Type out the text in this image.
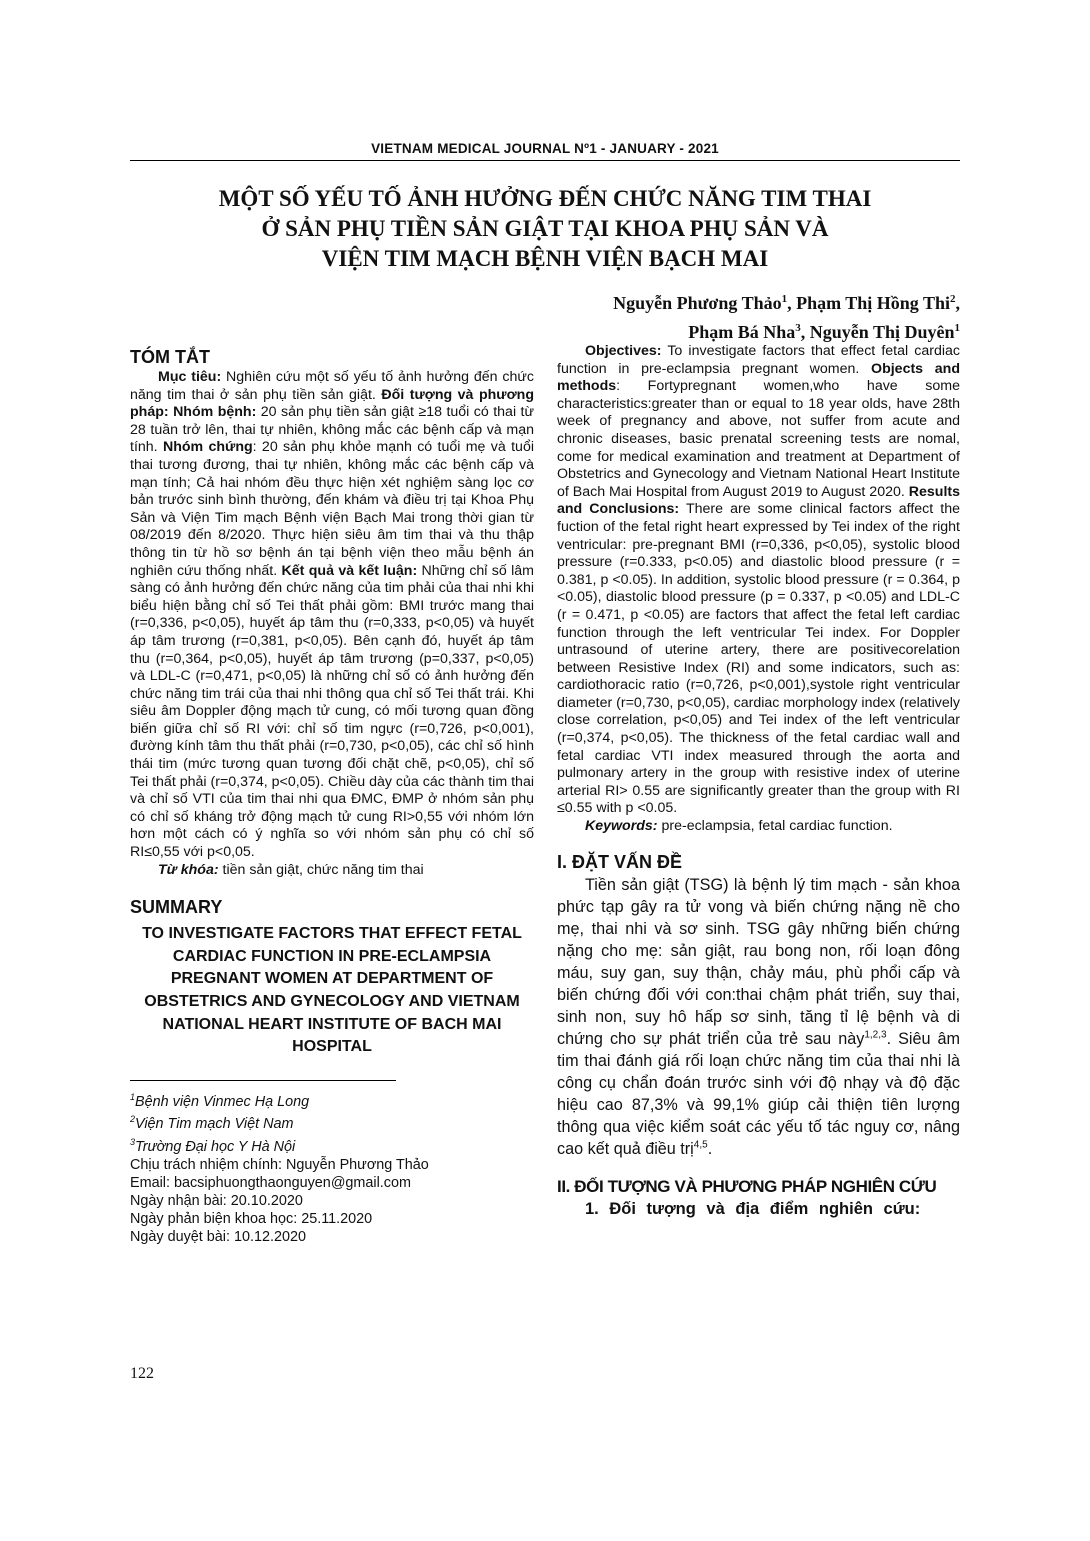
VIETNAM MEDICAL JOURNAL Nº1 - JANUARY - 2021
MỘT SỐ YẾU TỐ ẢNH HƯỞNG ĐẾN CHỨC NĂNG TIM THAI
Ở SẢN PHỤ TIỀN SẢN GIẬT TẠI KHOA PHỤ SẢN VÀ
VIỆN TIM MẠCH BỆNH VIỆN BẠCH MAI
Nguyễn Phương Thảo$^1$, Phạm Thị Hồng Thi$^2$,
Phạm Bá Nha$^3$, Nguyễn Thị Duyên$^1$
TÓM TẮT
Mục tiêu: Nghiên cứu một số yếu tố ảnh hưởng đến chức năng tim thai ở sản phụ tiền sản giật. Đối tượng và phương pháp: Nhóm bệnh: 20 sản phụ tiền sản giật ≥18 tuổi có thai từ 28 tuần trở lên, thai tự nhiên, không mắc các bệnh cấp và mạn tính. Nhóm chứng: 20 sản phụ khỏe mạnh có tuổi mẹ và tuổi thai tương đương, thai tự nhiên, không mắc các bệnh cấp và mạn tính; Cả hai nhóm đều thực hiện xét nghiệm sàng lọc cơ bản trước sinh bình thường, đến khám và điều trị tại Khoa Phụ Sản và Viện Tim mạch Bệnh viện Bạch Mai trong thời gian từ 08/2019 đến 8/2020. Thực hiện siêu âm tim thai và thu thập thông tin từ hồ sơ bệnh án tại bệnh viện theo mẫu bệnh án nghiên cứu thống nhất. Kết quả và kết luận: Những chỉ số lâm sàng có ảnh hưởng đến chức năng của tim phải của thai nhi khi biểu hiện bằng chỉ số Tei thất phải gồm: BMI trước mang thai (r=0,336, p<0,05), huyết áp tâm thu (r=0,333, p<0,05) và huyết áp tâm trương (r=0,381, p<0,05). Bên cạnh đó, huyết áp tâm thu (r=0,364, p<0,05), huyết áp tâm trương (p=0,337, p<0,05) và LDL-C (r=0,471, p<0,05) là những chỉ số có ảnh hưởng đến chức năng tim trái của thai nhi thông qua chỉ số Tei thất trái. Khi siêu âm Doppler động mạch tử cung, có mối tương quan đồng biến giữa chỉ số RI với: chỉ số tim ngực (r=0,726, p<0,001), đường kính tâm thu thất phải (r=0,730, p<0,05), các chỉ số hình thái tim (mức tương quan tương đối chặt chẽ, p<0,05), chỉ số Tei thất phải (r=0,374, p<0,05). Chiều dày của các thành tim thai và chỉ số VTI của tim thai nhi qua ĐMC, ĐMP ở nhóm sản phụ có chỉ số kháng trở động mạch tử cung RI>0,55 với nhóm lớn hơn một cách có ý nghĩa so với nhóm sản phụ có chỉ số RI≤0,55 với p<0,05.
Từ khóa: tiền sản giật, chức năng tim thai
SUMMARY
TO INVESTIGATE FACTORS THAT EFFECT FETAL CARDIAC FUNCTION IN PRE-ECLAMPSIA PREGNANT WOMEN AT DEPARTMENT OF OBSTETRICS AND GYNECOLOGY AND VIETNAM NATIONAL HEART INSTITUTE OF BACH MAI HOSPITAL
$^1$Bệnh viện Vinmec Hạ Long
$^2$Viện Tim mạch Việt Nam
$^3$Trường Đại học Y Hà Nội
Chịu trách nhiệm chính: Nguyễn Phương Thảo
Email: bacsiphuongthaonguyen@gmail.com
Ngày nhận bài: 20.10.2020
Ngày phản biện khoa học: 25.11.2020
Ngày duyệt bài: 10.12.2020
Objectives: To investigate factors that effect fetal cardiac function in pre-eclampsia pregnant women. Objects and methods: Fortypregnant women,who have some characteristics:greater than or equal to 18 year olds, have 28th week of pregnancy and above, not suffer from acute and chronic diseases, basic prenatal screening tests are nomal, come for medical examination and treatment at Department of Obstetrics and Gynecology and Vietnam National Heart Institute of Bach Mai Hospital from August 2019 to August 2020. Results and Conclusions: There are some clinical factors affect the fuction of the fetal right heart expressed by Tei index of the right ventricular: pre-pregnant BMI (r=0,336, p<0,05), systolic blood pressure (r=0.333, p<0.05) and diastolic blood pressure (r = 0.381, p <0.05). In addition, systolic blood pressure (r = 0.364, p <0.05), diastolic blood pressure (p = 0.337, p <0.05) and LDL-C (r = 0.471, p <0.05) are factors that affect the fetal left cardiac function through the left ventricular Tei index. For Doppler untrasound of uterine artery, there are positivecorelation between Resistive Index (RI) and some indicators, such as: cardiothoracic ratio (r=0,726, p<0,001),systole right ventricular diameter (r=0,730, p<0,05), cardiac morphology index (relatively close correlation, p<0,05) and Tei index of the left ventricular (r=0,374, p<0,05). The thickness of the fetal cardiac wall and fetal cardiac VTI index measured through the aorta and pulmonary artery in the group with resistive index of uterine arterial RI> 0.55 are significantly greater than the group with RI ≤0.55 with p <0.05.
Keywords: pre-eclampsia, fetal cardiac function.
I. ĐẶT VẤN ĐỀ
Tiền sản giật (TSG) là bệnh lý tim mạch - sản khoa phức tạp gây ra tử vong và biến chứng nặng nề cho mẹ, thai nhi và sơ sinh. TSG gây những biến chứng nặng cho mẹ: sản giật, rau bong non, rối loạn đông máu, suy gan, suy thận, chảy máu, phù phổi cấp và biến chứng đối với con:thai chậm phát triển, suy thai, sinh non, suy hô hấp sơ sinh, tăng tỉ lệ bệnh và di chứng cho sự phát triển của trẻ sau này$^{1,2,3}$. Siêu âm tim thai đánh giá rối loạn chức năng tim của thai nhi là công cụ chẩn đoán trước sinh với độ nhạy và độ đặc hiệu cao 87,3% và 99,1% giúp cải thiện tiên lượng thông qua việc kiểm soát các yếu tố tác nguy cơ, nâng cao kết quả điều trị$^{4,5}$.
II. ĐỐI TƯỢNG VÀ PHƯƠNG PHÁP NGHIÊN CỨU
1. Đối tượng và địa điểm nghiên cứu:
122
